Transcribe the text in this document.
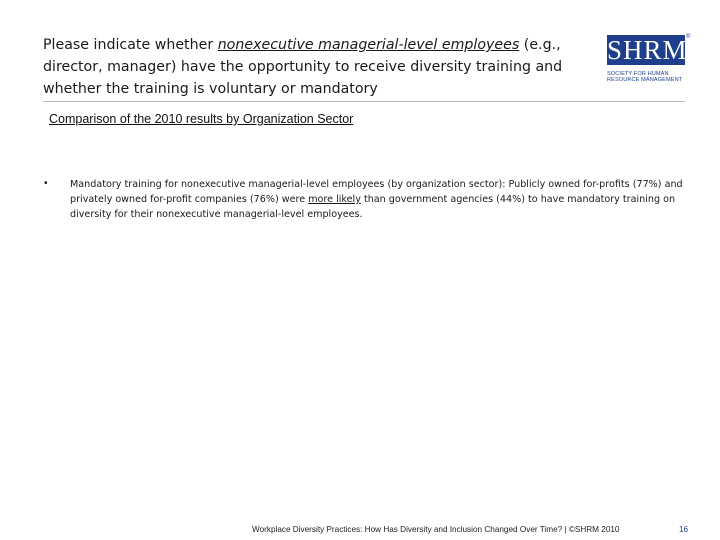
Please indicate whether nonexecutive managerial-level employees (e.g., director, manager) have the opportunity to receive diversity training and whether the training is voluntary or mandatory
SHRM
®
SOCIETY FOR HUMAN
RESOURCE MANAGEMENT
Comparison of the 2010 results by Organization Sector
• Mandatory training for nonexecutive managerial-level employees (by organization sector): Publicly owned for-profits (77%) and privately owned for-profit companies (76%) were more likely than government agencies (44%) to have mandatory training on diversity for their nonexecutive managerial-level employees.
Workplace Diversity Practices: How Has Diversity and Inclusion Changed Over Time? | ©SHRM 2010	16
